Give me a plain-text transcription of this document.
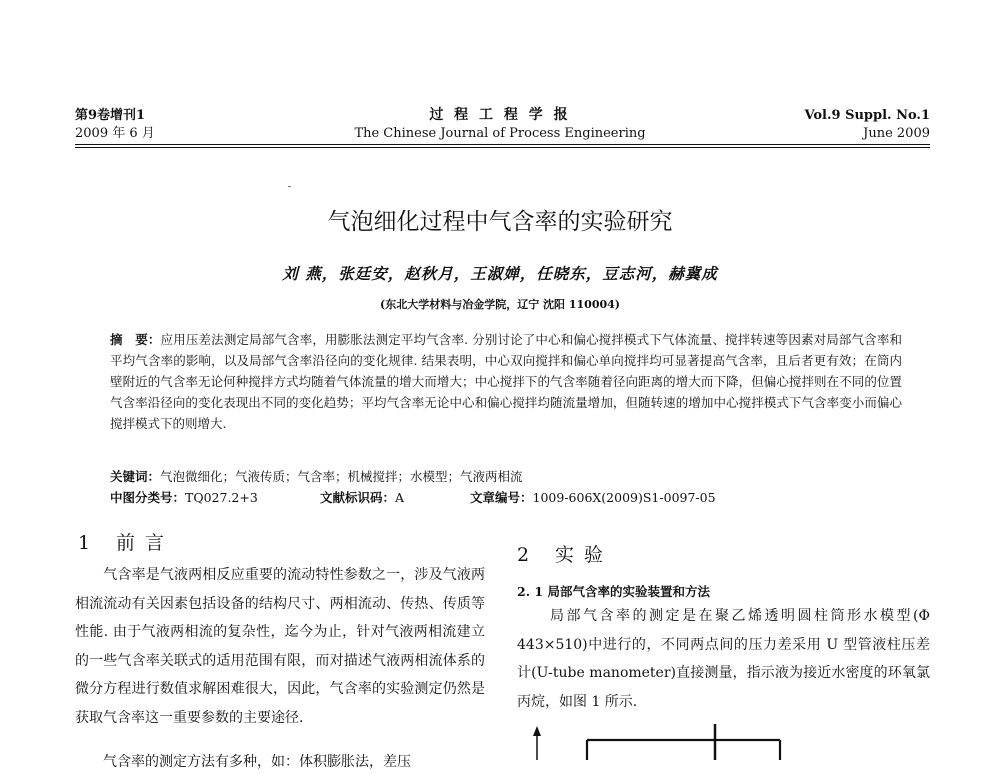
第9卷增刊1
2009 年 6 月
过 程 工 程 学 报
The Chinese Journal of Process Engineering
Vol.9 Suppl. No.1
June 2009
气泡细化过程中气含率的实验研究
刘 燕，张廷安，赵秋月，王淑婵，任晓东，豆志河，赫冀成
(东北大学材料与冶金学院，辽宁 沈阳 110004)
摘　要：应用压差法测定局部气含率，用膨胀法测定平均气含率. 分别讨论了中心和偏心搅拌模式下气体流量、搅拌转速等因素对局部气含率和平均气含率的影响，以及局部气含率沿径向的变化规律. 结果表明，中心双向搅拌和偏心单向搅拌均可显著提高气含率，且后者更有效；在筒内壁附近的气含率无论何种搅拌方式均随着气体流量的增大而增大；中心搅拌下的气含率随着径向距离的增大而下降，但偏心搅拌则在不同的位置气含率沿径向的变化表现出不同的变化趋势；平均气含率无论中心和偏心搅拌均随流量增加，但随转速的增加中心搅拌模式下气含率变小而偏心搅拌模式下的则增大.
关键词：气泡微细化；气液传质；气含率；机械搅拌；水模型；气液两相流
中图分类号：TQ027.2+3	文献标识码：A	文章编号：1009-606X(2009)S1-0097-05
1 前 言
　　气含率是气液两相反应重要的流动特性参数之一，涉及气液两相流流动有关因素包括设备的结构尺寸、两相流动、传热、传质等性能. 由于气液两相流的复杂性，迄今为止，针对气液两相流建立的一些气含率关联式的适用范围有限，而对描述气液两相流体系的微分方程进行数值求解困难很大，因此，气含率的实验测定仍然是获取气含率这一重要参数的主要途径.
　　气含率的测定方法有多种，如：体积膨胀法，差压
2 实 验
2. 1 局部气含率的实验装置和方法
　　局部气含率的测定是在聚乙烯透明圆柱筒形水模型(Φ 443×510)中进行的，不同两点间的压力差采用 U 型管液柱压差计(U-tube manometer)直接测量，指示液为接近水密度的环氧氯丙烷，如图 1 所示.
